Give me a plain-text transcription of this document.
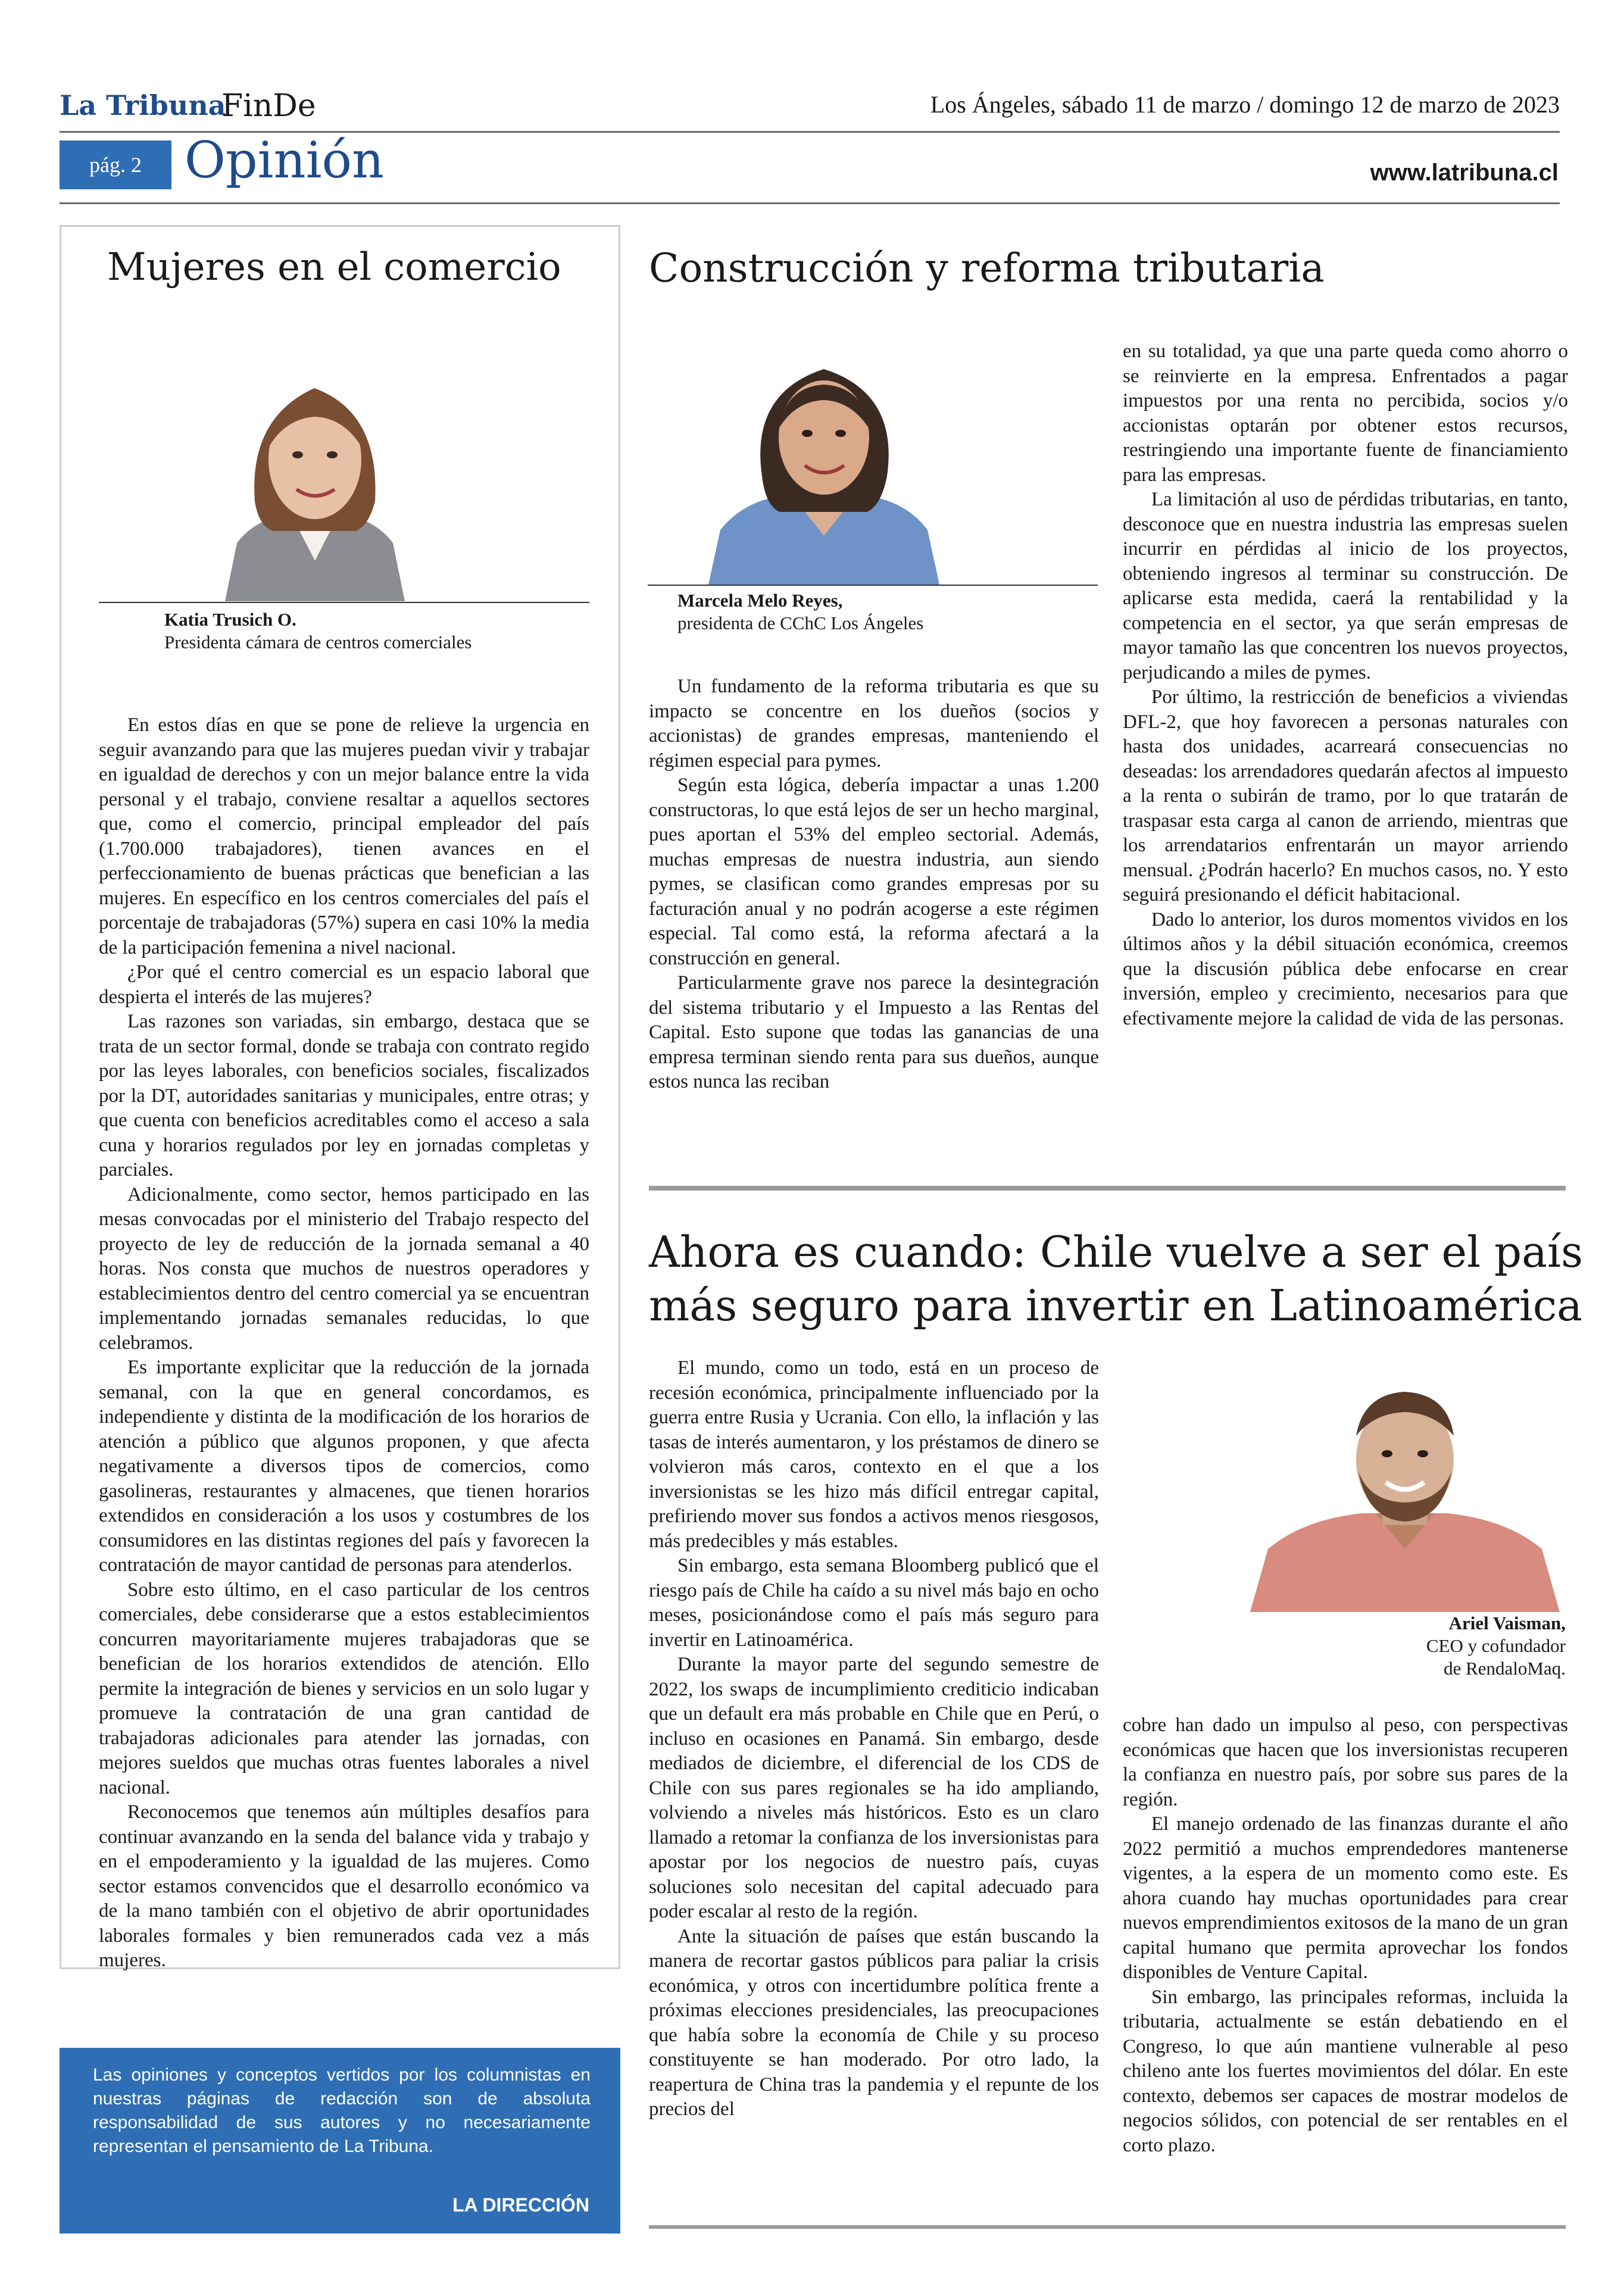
La Tribuna
FinDe	Los Ángeles, sábado 11 de marzo / domingo 12 de marzo de 2023
pág. 2 Opinión	www.latribuna.cl
Mujeres en el comercio
Katia Trusich O.
Presidenta cámara de centros comerciales

En estos días en que se pone de relieve la urgencia en seguir avanzando para que las mujeres puedan vivir y trabajar en igualdad de derechos y con un mejor balance entre la vida personal y el trabajo, conviene resaltar a aquellos sectores que, como el comercio, principal empleador del país (1.700.000 trabajadores), tienen avances en el perfeccionamiento de buenas prácticas que benefician a las mujeres. En específico en los centros comerciales del país el porcentaje de trabajadoras (57%) supera en casi 10% la media de la participación femenina a nivel nacional.

¿Por qué el centro comercial es un espacio laboral que despierta el interés de las mujeres?

Las razones son variadas, sin embargo, destaca que se trata de un sector formal, donde se trabaja con contrato regido por las leyes laborales, con beneficios sociales, fiscalizados por la DT, autoridades sanitarias y municipales, entre otras; y que cuenta con beneficios acreditables como el acceso a sala cuna y horarios regulados por ley en jornadas completas y parciales.

Adicionalmente, como sector, hemos participado en las mesas convocadas por el ministerio del Trabajo respecto del proyecto de ley de reducción de la jornada semanal a 40 horas. Nos consta que muchos de nuestros operadores y establecimientos dentro del centro comercial ya se encuentran implementando jornadas semanales reducidas, lo que celebramos.

Es importante explicitar que la reducción de la jornada semanal, con la que en general concordamos, es independiente y distinta de la modificación de los horarios de atención a público que algunos proponen, y que afecta negativamente a diversos tipos de comercios, como gasolineras, restaurantes y almacenes, que tienen horarios extendidos en consideración a los usos y costumbres de los consumidores en las distintas regiones del país y favorecen la contratación de mayor cantidad de personas para atenderlos.

Sobre esto último, en el caso particular de los centros comerciales, debe considerarse que a estos establecimientos concurren mayoritariamente mujeres trabajadoras que se benefician de los horarios extendidos de atención. Ello permite la integración de bienes y servicios en un solo lugar y promueve la contratación de una gran cantidad de trabajadoras adicionales para atender las jornadas, con mejores sueldos que muchas otras fuentes laborales a nivel nacional.

Reconocemos que tenemos aún múltiples desafíos para continuar avanzando en la senda del balance vida y trabajo y en el empoderamiento y la igualdad de las mujeres. Como sector estamos convencidos que el desarrollo económico va de la mano también con el objetivo de abrir oportunidades laborales formales y bien remunerados cada vez a más mujeres.

Las opiniones y conceptos vertidos por los columnistas en nuestras páginas de redacción son de absoluta responsabilidad de sus autores y no necesariamente representan el pensamiento de La Tribuna.
LA DIRECCIÓN
Construcción y reforma tributaria
Marcela Melo Reyes,
presidenta de CChC Los Ángeles

Un fundamento de la reforma tributaria es que su impacto se concentre en los dueños (socios y accionistas) de grandes empresas, manteniendo el régimen especial para pymes.

Según esta lógica, debería impactar a unas 1.200 constructoras, lo que está lejos de ser un hecho marginal, pues aportan el 53% del empleo sectorial. Además, muchas empresas de nuestra industria, aun siendo pymes, se clasifican como grandes empresas por su facturación anual y no podrán acogerse a este régimen especial. Tal como está, la reforma afectará a la construcción en general.

Particularmente grave nos parece la desintegración del sistema tributario y el Impuesto a las Rentas del Capital. Esto supone que todas las ganancias de una empresa terminan siendo renta para sus dueños, aunque estos nunca las reciban

en su totalidad, ya que una parte queda como ahorro o se reinvierte en la empresa. Enfrentados a pagar impuestos por una renta no percibida, socios y/o accionistas optarán por obtener estos recursos, restringiendo una importante fuente de financiamiento para las empresas.

La limitación al uso de pérdidas tributarias, en tanto, desconoce que en nuestra industria las empresas suelen incurrir en pérdidas al inicio de los proyectos, obteniendo ingresos al terminar su construcción. De aplicarse esta medida, caerá la rentabilidad y la competencia en el sector, ya que serán empresas de mayor tamaño las que concentren los nuevos proyectos, perjudicando a miles de pymes.

Por último, la restricción de beneficios a viviendas DFL-2, que hoy favorecen a personas naturales con hasta dos unidades, acarreará consecuencias no deseadas: los arrendadores quedarán afectos al impuesto a la renta o subirán de tramo, por lo que tratarán de traspasar esta carga al canon de arriendo, mientras que los arrendatarios enfrentarán un mayor arriendo mensual. ¿Podrán hacerlo? En muchos casos, no. Y esto seguirá presionando el déficit habitacional.

Dado lo anterior, los duros momentos vividos en los últimos años y la débil situación económica, creemos que la discusión pública debe enfocarse en crear inversión, empleo y crecimiento, necesarios para que efectivamente mejore la calidad de vida de las personas.

Ahora es cuando: Chile vuelve a ser el país
más seguro para invertir en Latinoamérica
Ariel Vaisman,
CEO y cofundador
de RendaloMaq.

El mundo, como un todo, está en un proceso de recesión económica, principalmente influenciado por la guerra entre Rusia y Ucrania. Con ello, la inflación y las tasas de interés aumentaron, y los préstamos de dinero se volvieron más caros, contexto en el que a los inversionistas se les hizo más difícil entregar capital, prefiriendo mover sus fondos a activos menos riesgosos, más predecibles y más estables.

Sin embargo, esta semana Bloomberg publicó que el riesgo país de Chile ha caído a su nivel más bajo en ocho meses, posicionándose como el país más seguro para invertir en Latinoamérica.

Durante la mayor parte del segundo semestre de 2022, los swaps de incumplimiento crediticio indicaban que un default era más probable en Chile que en Perú, o incluso en ocasiones en Panamá. Sin embargo, desde mediados de diciembre, el diferencial de los CDS de Chile con sus pares regionales se ha ido ampliando, volviendo a niveles más históricos. Esto es un claro llamado a retomar la confianza de los inversionistas para apostar por los negocios de nuestro país, cuyas soluciones solo necesitan del capital adecuado para poder escalar al resto de la región.

Ante la situación de países que están buscando la manera de recortar gastos públicos para paliar la crisis económica, y otros con incertidumbre política frente a próximas elecciones presidenciales, las preocupaciones que había sobre la economía de Chile y su proceso constituyente se han moderado. Por otro lado, la reapertura de China tras la pandemia y el repunte de los precios del

cobre han dado un impulso al peso, con perspectivas económicas que hacen que los inversionistas recuperen la confianza en nuestro país, por sobre sus pares de la región.

El manejo ordenado de las finanzas durante el año 2022 permitió a muchos emprendedores mantenerse vigentes, a la espera de un momento como este. Es ahora cuando hay muchas oportunidades para crear nuevos emprendimientos exitosos de la mano de un gran capital humano que permita aprovechar los fondos disponibles de Venture Capital.

Sin embargo, las principales reformas, incluida la tributaria, actualmente se están debatiendo en el Congreso, lo que aún mantiene vulnerable al peso chileno ante los fuertes movimientos del dólar. En este contexto, debemos ser capaces de mostrar modelos de negocios sólidos, con potencial de ser rentables en el corto plazo.
